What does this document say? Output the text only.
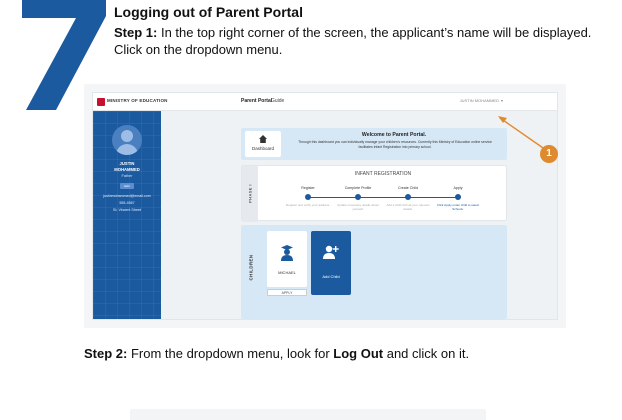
Logging out of Parent Portal
Step 1: In the top right corner of the screen, the applicant’s name will be displayed. Click on the dropdown menu.
MINISTRY OF EDUCATION	Parent Portal
Guide	JUSTIN MOHAMMED ▾
JUSTIN
MOHAMMED
Father
Edit
justinmohammed@email.com
555-4567
St. Vincent Street
Dashboard
Welcome to Parent Portal.
Through this dashboard you can individually manage your children's resources. Currently this Ministry of Education online service facilitates Infant Registration into primary school.
PHASE I
INFANT REGISTRATION
Register
Register and verify your address.
Complete Profile
Update necessary details about yourself.
Create Child
Add a child with all your relevant details.
Apply
Click Apply under child to select Schools.
CHILDREN	MICHAEL
APPLY
Add Child
1
Step 2: From the dropdown menu, look for Log Out and click on it.
